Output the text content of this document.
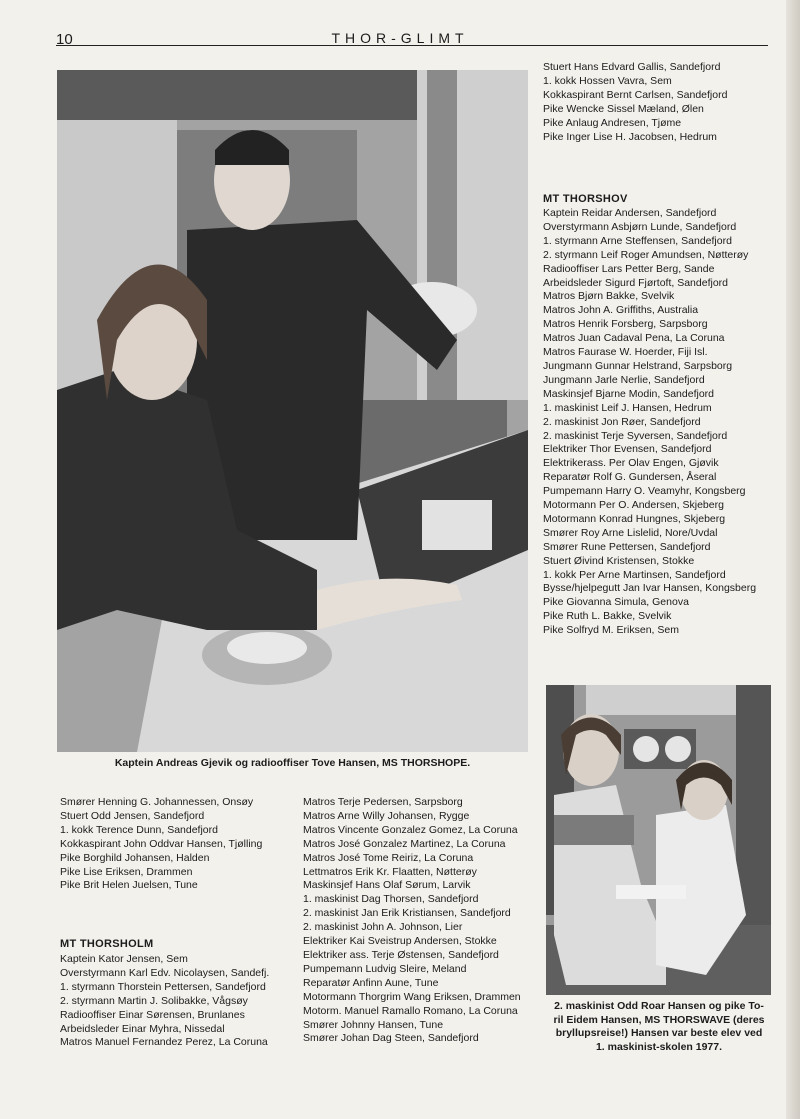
10	THOR-GLIMT
Kaptein Andreas Gjevik og radiooffiser Tove Hansen, MS THORSHOPE.
Stuert Hans Edvard Gallis, Sandefjord
1. kokk Hossen Vavra, Sem
Kokkaspirant Bernt Carlsen, Sandefjord
Pike Wencke Sissel Mæland, Ølen
Pike Anlaug Andresen, Tjøme
Pike Inger Lise H. Jacobsen, Hedrum
MT THORSHOV
Kaptein Reidar Andersen, Sandefjord
Overstyrmann Asbjørn Lunde, Sandefjord
1. styrmann Arne Steffensen, Sandefjord
2. styrmann Leif Roger Amundsen, Nøtterøy
Radiooffiser Lars Petter Berg, Sande
Arbeidsleder Sigurd Fjørtoft, Sandefjord
Matros Bjørn Bakke, Svelvik
Matros John A. Griffiths, Australia
Matros Henrik Forsberg, Sarpsborg
Matros Juan Cadaval Pena, La Coruna
Matros Faurase W. Hoerder, Fiji Isl.
Jungmann Gunnar Helstrand, Sarpsborg
Jungmann Jarle Nerlie, Sandefjord
Maskinsjef Bjarne Modin, Sandefjord
1. maskinist Leif J. Hansen, Hedrum
2. maskinist Jon Røer, Sandefjord
2. maskinist Terje Syversen, Sandefjord
Elektriker Thor Evensen, Sandefjord
Elektrikerass. Per Olav Engen, Gjøvik
Reparatør Rolf G. Gundersen, Åseral
Pumpemann Harry O. Veamyhr, Kongsberg
Motormann Per O. Andersen, Skjeberg
Motormann Konrad Hungnes, Skjeberg
Smører Roy Arne Lislelid, Nore/Uvdal
Smører Rune Pettersen, Sandefjord
Stuert Øivind Kristensen, Stokke
1. kokk Per Arne Martinsen, Sandefjord
Bysse/hjelpegutt Jan Ivar Hansen, Kongsberg
Pike Giovanna Simula, Genova
Pike Ruth L. Bakke, Svelvik
Pike Solfryd M. Eriksen, Sem
2. maskinist Odd Roar Hansen og pike To-
ril Eidem Hansen, MS THORSWAVE (deres
bryllupsreise!) Hansen var beste elev ved
1. maskinist-skolen 1977.
Smører Henning G. Johannessen, Onsøy
Stuert Odd Jensen, Sandefjord
1. kokk Terence Dunn, Sandefjord
Kokkaspirant John Oddvar Hansen, Tjølling
Pike Borghild Johansen, Halden
Pike Lise Eriksen, Drammen
Pike Brit Helen Juelsen, Tune
MT THORSHOLM
Kaptein Kator Jensen, Sem
Overstyrmann Karl Edv. Nicolaysen, Sandefj.
1. styrmann Thorstein Pettersen, Sandefjord
2. styrmann Martin J. Solibakke, Vågsøy
Radiooffiser Einar Sørensen, Brunlanes
Arbeidsleder Einar Myhra, Nissedal
Matros Manuel Fernandez Perez, La Coruna
Matros Terje Pedersen, Sarpsborg
Matros Arne Willy Johansen, Rygge
Matros Vincente Gonzalez Gomez, La Coruna
Matros José Gonzalez Martinez, La Coruna
Matros José Tome Reiriz, La Coruna
Lettmatros Erik Kr. Flaatten, Nøtterøy
Maskinsjef Hans Olaf Sørum, Larvik
1. maskinist Dag Thorsen, Sandefjord
2. maskinist Jan Erik Kristiansen, Sandefjord
2. maskinist John A. Johnson, Lier
Elektriker Kai Sveistrup Andersen, Stokke
Elektriker ass. Terje Østensen, Sandefjord
Pumpemann Ludvig Sleire, Meland
Reparatør Anfinn Aune, Tune
Motormann Thorgrim Wang Eriksen, Drammen
Motorm. Manuel Ramallo Romano, La Coruna
Smører Johnny Hansen, Tune
Smører Johan Dag Steen, Sandefjord
